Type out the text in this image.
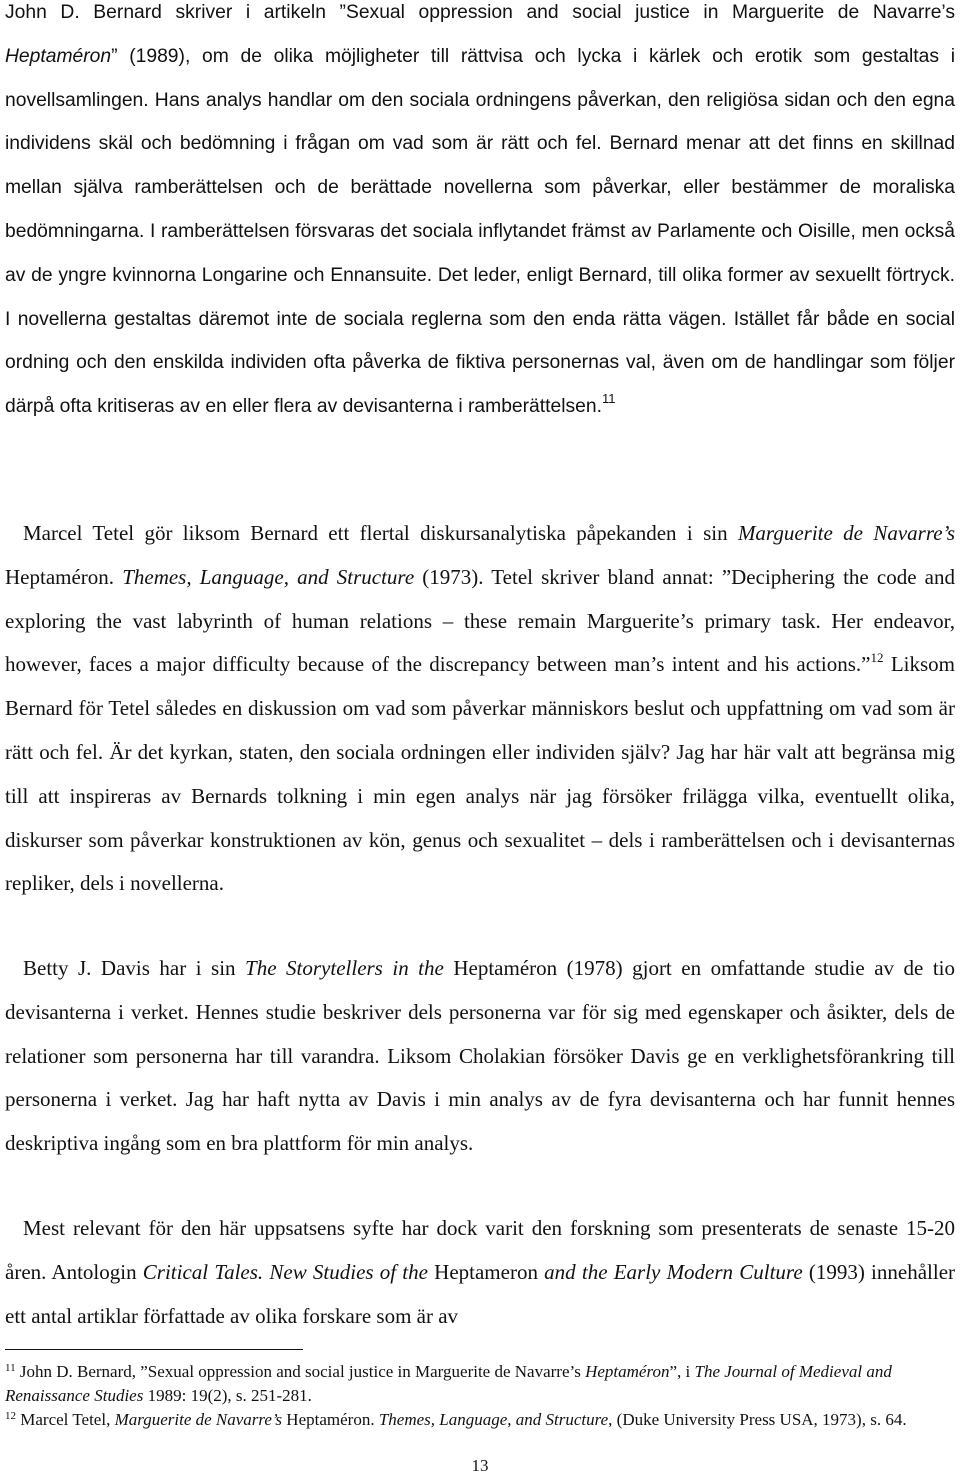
John D. Bernard skriver i artikeln ”Sexual oppression and social justice in Marguerite de Navarre’s Heptaméron” (1989), om de olika möjligheter till rättvisa och lycka i kärlek och erotik som gestaltas i novellsamlingen. Hans analys handlar om den sociala ordningens påverkan, den religiösa sidan och den egna individens skäl och bedömning i frågan om vad som är rätt och fel. Bernard menar att det finns en skillnad mellan själva ramberättelsen och de berättade novellerna som påverkar, eller bestämmer de moraliska bedömningarna. I ramberättelsen försvaras det sociala inflytandet främst av Parlamente och Oisille, men också av de yngre kvinnorna Longarine och Ennansuite. Det leder, enligt Bernard, till olika former av sexuellt förtryck. I novellerna gestaltas däremot inte de sociala reglerna som den enda rätta vägen. Istället får både en social ordning och den enskilda individen ofta påverka de fiktiva personernas val, även om de handlingar som följer därpå ofta kritiseras av en eller flera av devisanterna i ramberättelsen.$^{11}$

Marcel Tetel gör liksom Bernard ett flertal diskursanalytiska påpekanden i sin Marguerite de Navarre’s Heptaméron. Themes, Language, and Structure (1973). Tetel skriver bland annat: ”Deciphering the code and exploring the vast labyrinth of human relations – these remain Marguerite’s primary task. Her endeavor, however, faces a major difficulty because of the discrepancy between man’s intent and his actions.”$^{12}$ Liksom Bernard för Tetel således en diskussion om vad som påverkar människors beslut och uppfattning om vad som är rätt och fel. Är det kyrkan, staten, den sociala ordningen eller individen själv? Jag har här valt att begränsa mig till att inspireras av Bernards tolkning i min egen analys när jag försöker frilägga vilka, eventuellt olika, diskurser som påverkar konstruktionen av kön, genus och sexualitet – dels i ramberättelsen och i devisanternas repliker, dels i novellerna.

Betty J. Davis har i sin The Storytellers in the Heptaméron (1978) gjort en omfattande studie av de tio devisanterna i verket. Hennes studie beskriver dels personerna var för sig med egenskaper och åsikter, dels de relationer som personerna har till varandra. Liksom Cholakian försöker Davis ge en verklighetsförankring till personerna i verket. Jag har haft nytta av Davis i min analys av de fyra devisanterna och har funnit hennes deskriptiva ingång som en bra plattform för min analys.

Mest relevant för den här uppsatsens syfte har dock varit den forskning som presenterats de senaste 15-20 åren. Antologin Critical Tales. New Studies of the Heptameron and the Early Modern Culture (1993) innehåller ett antal artiklar författade av olika forskare som är av

$^{11}$ John D. Bernard, ”Sexual oppression and social justice in Marguerite de Navarre’s Heptaméron”, i The Journal of Medieval and Renaissance Studies 1989: 19(2), s. 251-281.

$^{12}$ Marcel Tetel, Marguerite de Navarre’s Heptaméron. Themes, Language, and Structure, (Duke University Press USA, 1973), s. 64.

13
